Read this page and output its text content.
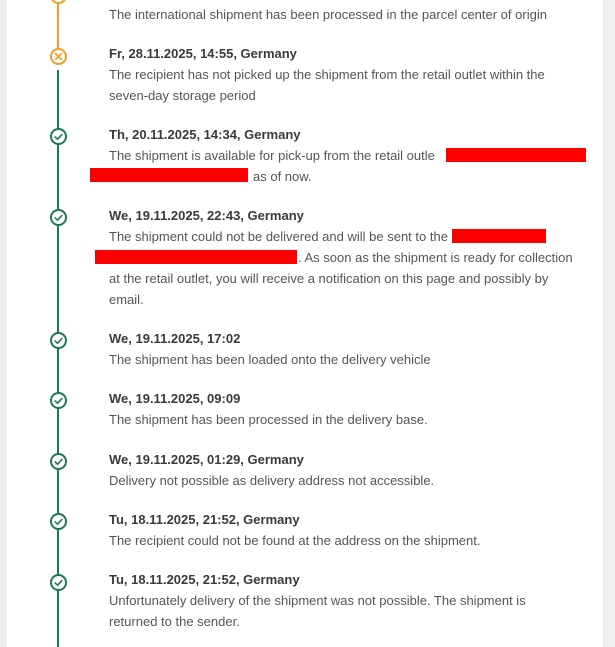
The international shipment has been processed in the parcel center of origin
Fr, 28.11.2025, 14:55, Germany
The recipient has not picked up the shipment from the retail outlet within the seven-day storage period
Th, 20.11.2025, 14:34, Germany
The shipment is available for pick-up from the retail outle
as of now.
We, 19.11.2025, 22:43, Germany
The shipment could not be delivered and will be sent to the
. As soon as the shipment is ready for collection
at the retail outlet, you will receive a notification on this page and possibly by email.
We, 19.11.2025, 17:02
The shipment has been loaded onto the delivery vehicle
We, 19.11.2025, 09:09
The shipment has been processed in the delivery base.
We, 19.11.2025, 01:29, Germany
Delivery not possible as delivery address not accessible.
Tu, 18.11.2025, 21:52, Germany
The recipient could not be found at the address on the shipment.
Tu, 18.11.2025, 21:52, Germany
Unfortunately delivery of the shipment was not possible. The shipment is returned to the sender.
